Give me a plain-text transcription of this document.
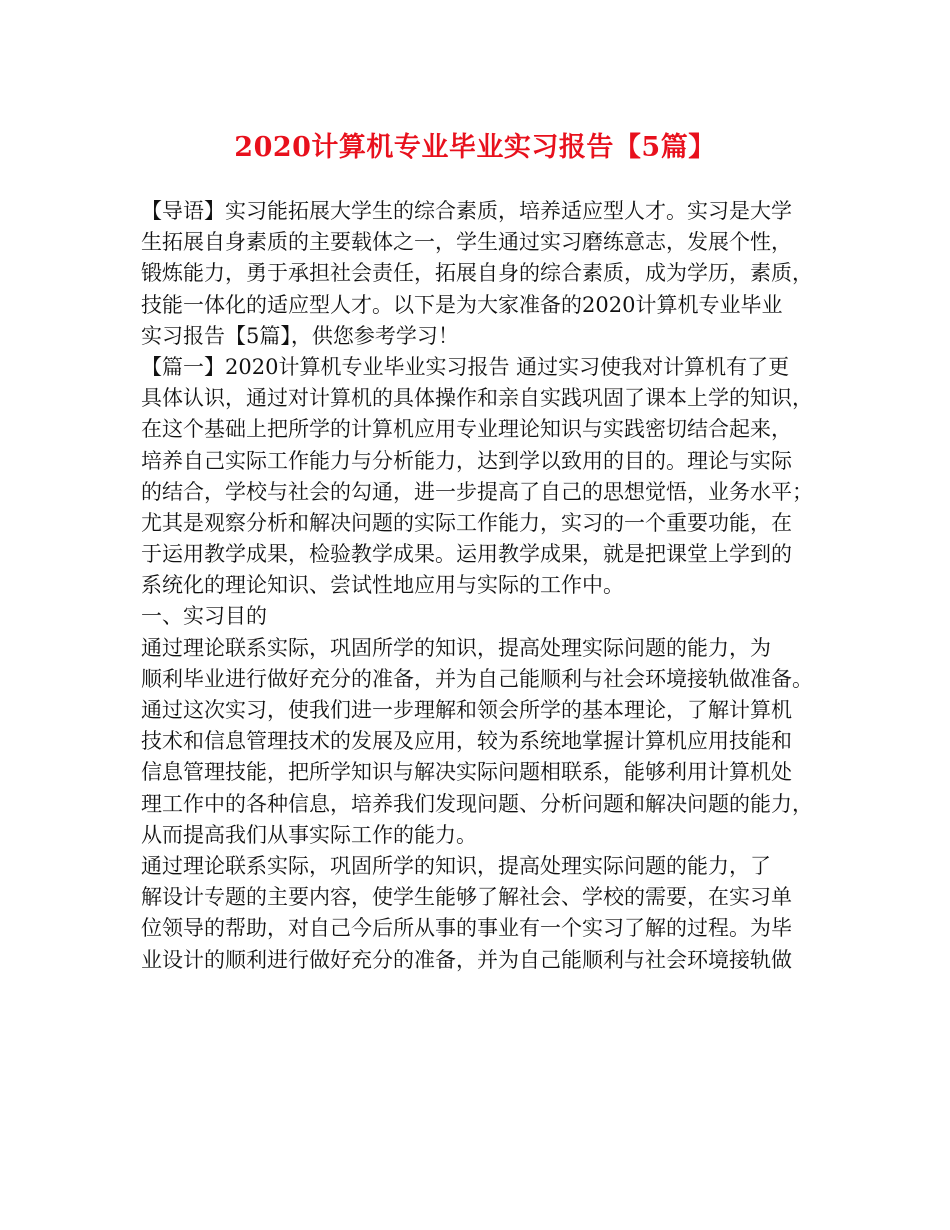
2020计算机专业毕业实习报告【5篇】
【导语】实习能拓展大学生的综合素质，培养适应型人才。实习是大学
生拓展自身素质的主要载体之一，学生通过实习磨练意志，发展个性，
锻炼能力，勇于承担社会责任，拓展自身的综合素质，成为学历，素质，
技能一体化的适应型人才。以下是为大家准备的2020计算机专业毕业
实习报告【5篇】，供您参考学习！
【篇一】2020计算机专业毕业实习报告 通过实习使我对计算机有了更
具体认识，通过对计算机的具体操作和亲自实践巩固了课本上学的知识，
在这个基础上把所学的计算机应用专业理论知识与实践密切结合起来，
培养自己实际工作能力与分析能力，达到学以致用的目的。理论与实际
的结合，学校与社会的勾通，进一步提高了自己的思想觉悟，业务水平；
尤其是观察分析和解决问题的实际工作能力，实习的一个重要功能，在
于运用教学成果，检验教学成果。运用教学成果，就是把课堂上学到的
系统化的理论知识、尝试性地应用与实际的工作中。
一、实习目的
通过理论联系实际，巩固所学的知识，提高处理实际问题的能力，为
顺利毕业进行做好充分的准备，并为自己能顺利与社会环境接轨做准备。
通过这次实习，使我们进一步理解和领会所学的基本理论，了解计算机
技术和信息管理技术的发展及应用，较为系统地掌握计算机应用技能和
信息管理技能，把所学知识与解决实际问题相联系，能够利用计算机处
理工作中的各种信息，培养我们发现问题、分析问题和解决问题的能力，
从而提高我们从事实际工作的能力。
通过理论联系实际，巩固所学的知识，提高处理实际问题的能力，了
解设计专题的主要内容，使学生能够了解社会、学校的需要，在实习单
位领导的帮助，对自己今后所从事的事业有一个实习了解的过程。为毕
业设计的顺利进行做好充分的准备，并为自己能顺利与社会环境接轨做
